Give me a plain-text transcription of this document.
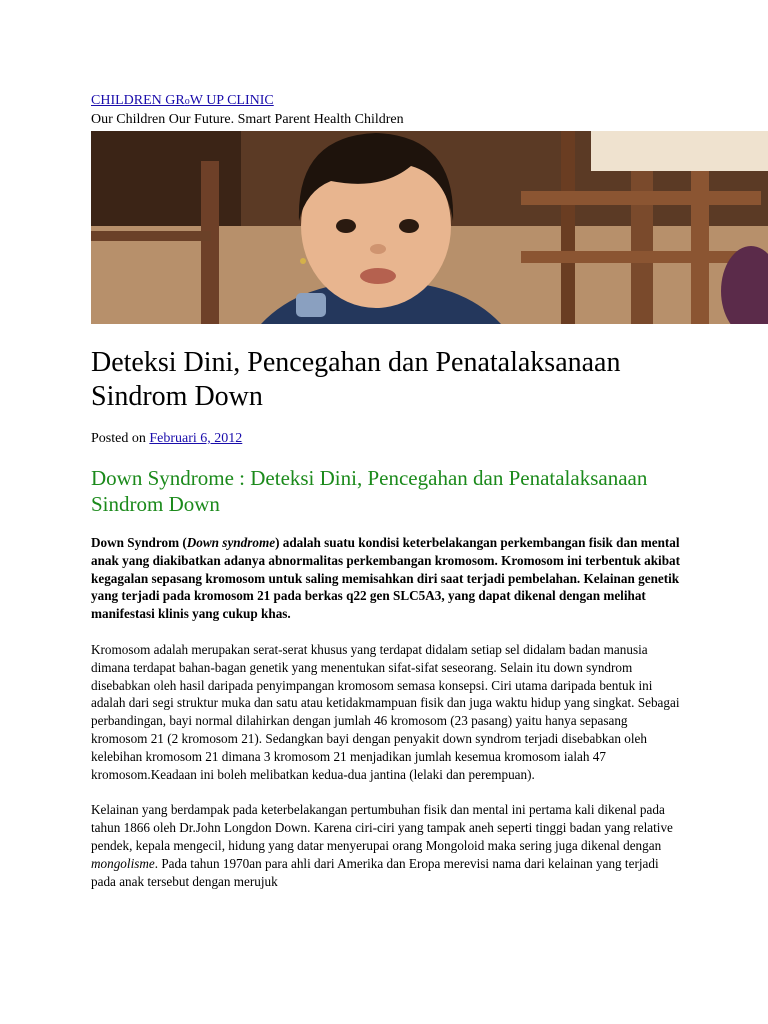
CHILDREN GRoW UP CLINIC
Our Children Our Future. Smart Parent Health Children
Deteksi Dini, Pencegahan dan Penatalaksanaan Sindrom Down
Posted on Februari 6, 2012
Down Syndrome : Deteksi Dini, Pencegahan dan Penatalaksanaan Sindrom Down

Down Syndrom (Down syndrome) adalah suatu kondisi keterbelakangan perkembangan fisik dan mental anak yang diakibatkan adanya abnormalitas perkembangan kromosom. Kromosom ini terbentuk akibat kegagalan sepasang kromosom untuk saling memisahkan diri saat terjadi pembelahan. Kelainan genetik yang terjadi pada kromosom 21 pada berkas q22 gen SLC5A3, yang dapat dikenal dengan melihat manifestasi klinis yang cukup khas.

Kromosom adalah merupakan serat-serat khusus yang terdapat didalam setiap sel didalam badan manusia dimana terdapat bahan-bagan genetik yang menentukan sifat-sifat seseorang. Selain itu down syndrom disebabkan oleh hasil daripada penyimpangan kromosom semasa konsepsi. Ciri utama daripada bentuk ini adalah dari segi struktur muka dan satu atau ketidakmampuan fisik dan juga waktu hidup yang singkat. Sebagai perbandingan, bayi normal dilahirkan dengan jumlah 46 kromosom (23 pasang) yaitu hanya sepasang kromosom 21 (2 kromosom 21). Sedangkan bayi dengan penyakit down syndrom terjadi disebabkan oleh kelebihan kromosom 21 dimana 3 kromosom 21 menjadikan jumlah kesemua kromosom ialah 47 kromosom.Keadaan ini boleh melibatkan kedua-dua jantina (lelaki dan perempuan).

Kelainan yang berdampak pada keterbelakangan pertumbuhan fisik dan mental ini pertama kali dikenal pada tahun 1866 oleh Dr.John Longdon Down. Karena ciri-ciri yang tampak aneh seperti tinggi badan yang relative pendek, kepala mengecil, hidung yang datar menyerupai orang Mongoloid maka sering juga dikenal dengan mongolisme. Pada tahun 1970an para ahli dari Amerika dan Eropa merevisi nama dari kelainan yang terjadi pada anak tersebut dengan merujuk
